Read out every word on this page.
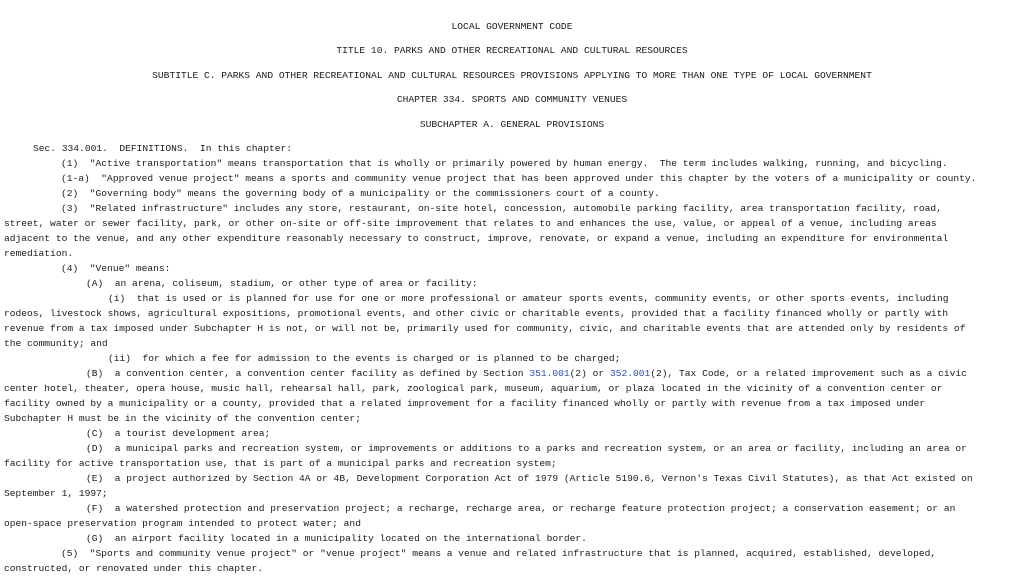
LOCAL GOVERNMENT CODE
TITLE 10. PARKS AND OTHER RECREATIONAL AND CULTURAL RESOURCES
SUBTITLE C. PARKS AND OTHER RECREATIONAL AND CULTURAL RESOURCES PROVISIONS APPLYING TO MORE THAN ONE TYPE OF LOCAL GOVERNMENT
CHAPTER 334. SPORTS AND COMMUNITY VENUES
SUBCHAPTER A. GENERAL PROVISIONS
Sec. 334.001.  DEFINITIONS.  In this chapter:
(1)  "Active transportation" means transportation that is wholly or primarily powered by human energy.  The term includes walking, running, and bicycling.
(1-a)  "Approved venue project" means a sports and community venue project that has been approved under this chapter by the voters of a municipality or county.
(2)  "Governing body" means the governing body of a municipality or the commissioners court of a county.
(3)  "Related infrastructure" includes any store, restaurant, on-site hotel, concession, automobile parking facility, area transportation facility, road,
street, water or sewer facility, park, or other on-site or off-site improvement that relates to and enhances the use, value, or appeal of a venue, including areas
adjacent to the venue, and any other expenditure reasonably necessary to construct, improve, renovate, or expand a venue, including an expenditure for environmental
remediation.
(4)  "Venue" means:
(A)  an arena, coliseum, stadium, or other type of area or facility:
(i)  that is used or is planned for use for one or more professional or amateur sports events, community events, or other sports events, including
rodeos, livestock shows, agricultural expositions, promotional events, and other civic or charitable events, provided that a facility financed wholly or partly with
revenue from a tax imposed under Subchapter H is not, or will not be, primarily used for community, civic, and charitable events that are attended only by residents of
the community; and
(ii)  for which a fee for admission to the events is charged or is planned to be charged;
(B)  a convention center, a convention center facility as defined by Section 351.001(2) or 352.001(2), Tax Code, or a related improvement such as a civic
center hotel, theater, opera house, music hall, rehearsal hall, park, zoological park, museum, aquarium, or plaza located in the vicinity of a convention center or
facility owned by a municipality or a county, provided that a related improvement for a facility financed wholly or partly with revenue from a tax imposed under
Subchapter H must be in the vicinity of the convention center;
(C)  a tourist development area;
(D)  a municipal parks and recreation system, or improvements or additions to a parks and recreation system, or an area or facility, including an area or
facility for active transportation use, that is part of a municipal parks and recreation system;
(E)  a project authorized by Section 4A or 4B, Development Corporation Act of 1979 (Article 5190.6, Vernon's Texas Civil Statutes), as that Act existed on
September 1, 1997;
(F)  a watershed protection and preservation project; a recharge, recharge area, or recharge feature protection project; a conservation easement; or an
open-space preservation program intended to protect water; and
(G)  an airport facility located in a municipality located on the international border.
(5)  "Sports and community venue project" or "venue project" means a venue and related infrastructure that is planned, acquired, established, developed,
constructed, or renovated under this chapter.
